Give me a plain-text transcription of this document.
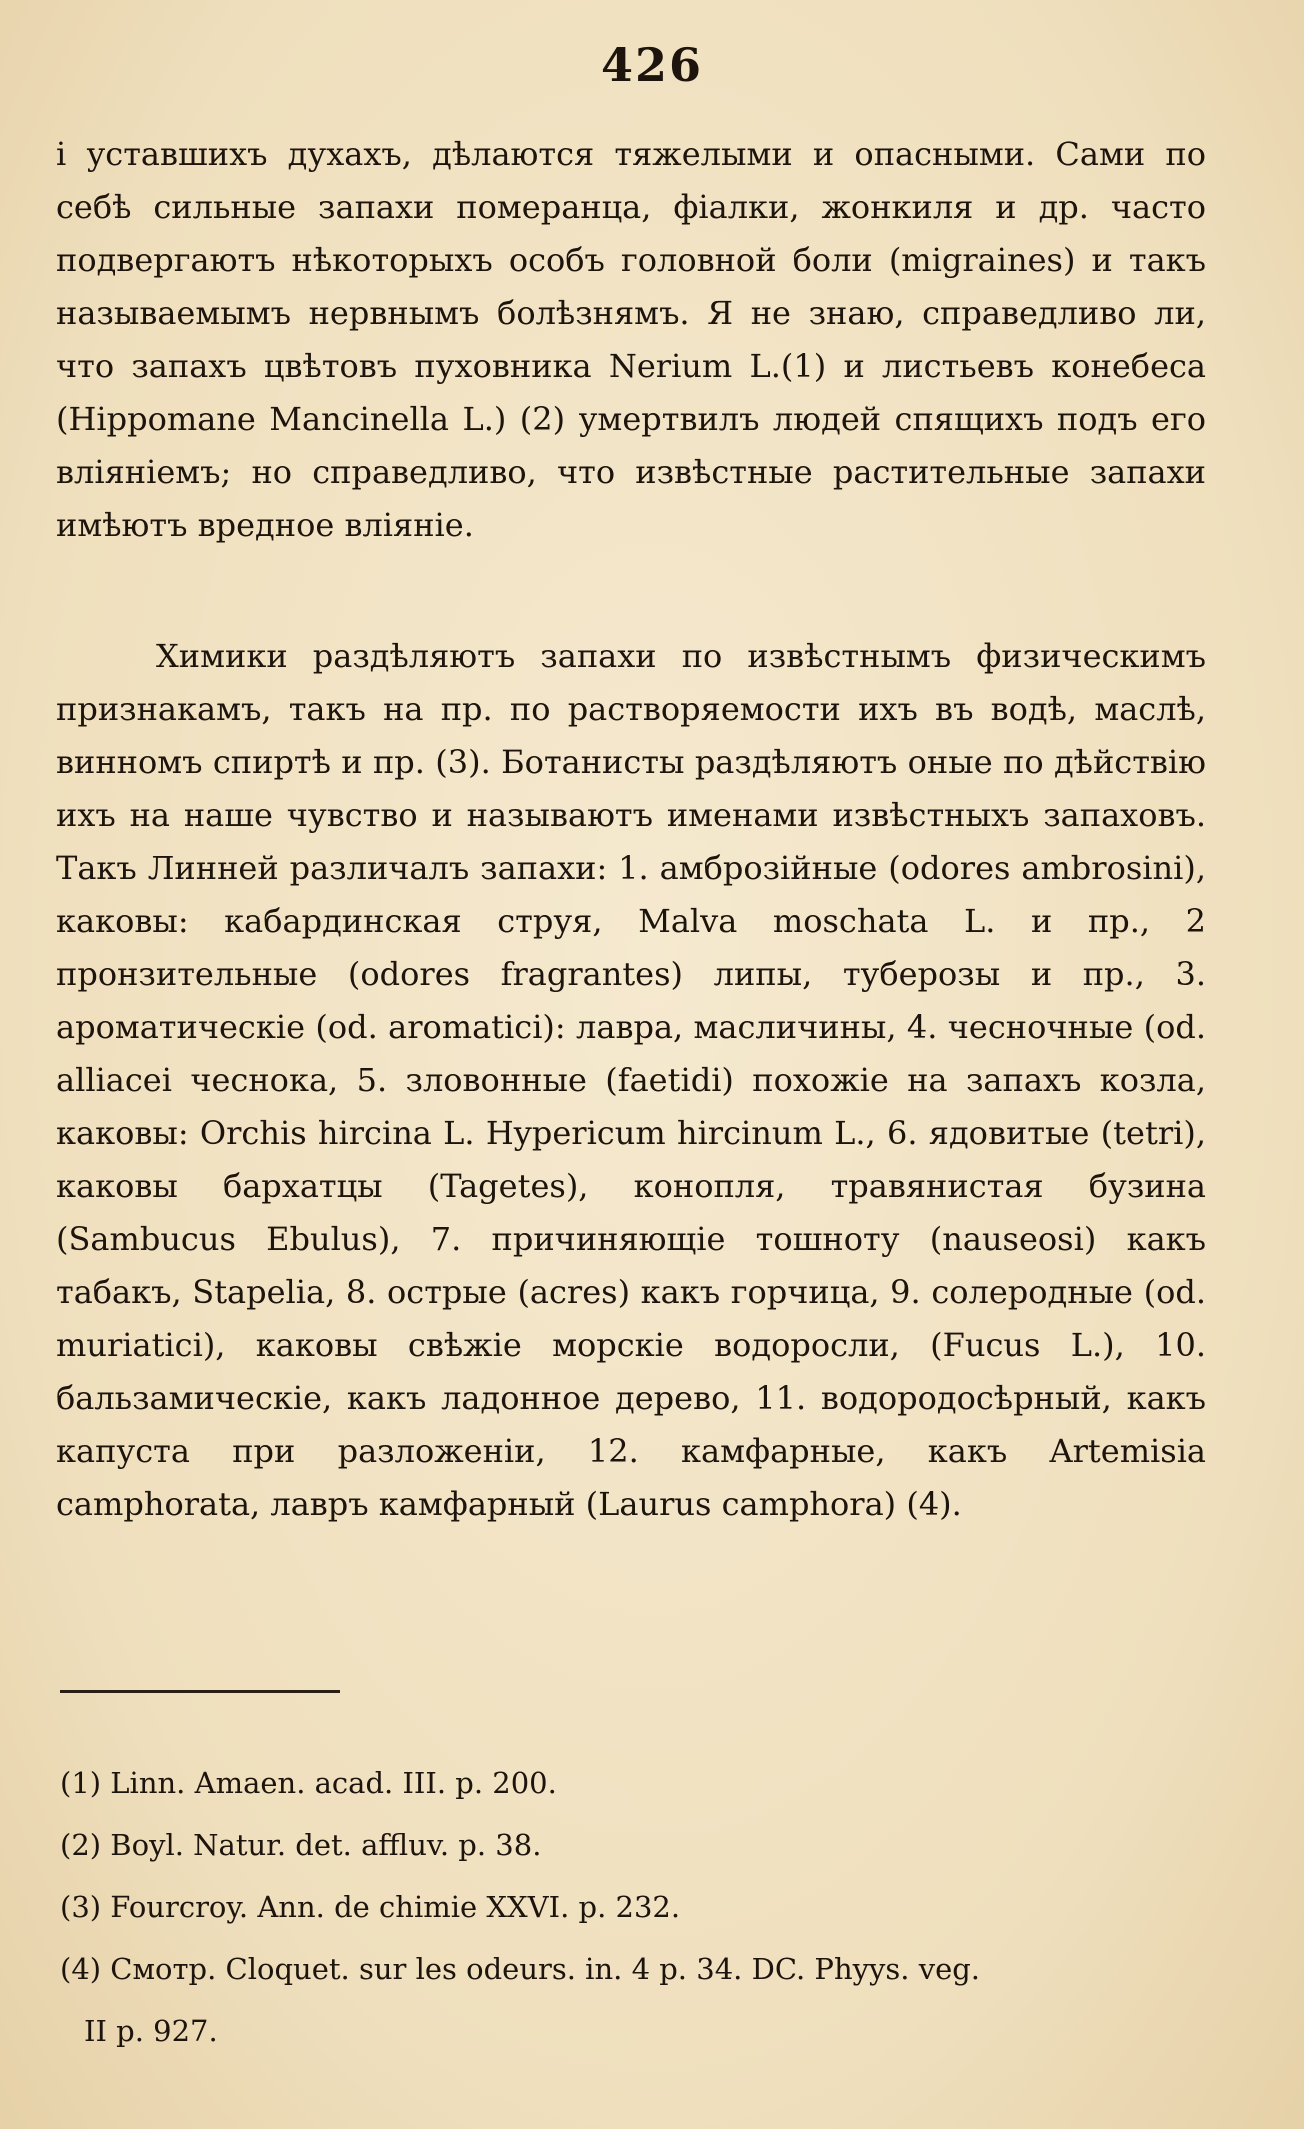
426
і уставшихъ духахъ, дѣлаются тяжелыми и опасными. Сами по себѣ сильные запахи померанца, фіалки, жонкиля и др. часто подвергаютъ нѣкоторыхъ особъ головной боли (migraines) и такъ называемымъ нервнымъ болѣзнямъ. Я не знаю, справедливо ли, что запахъ цвѣтовъ пуховника Nerium L.(1) и листьевъ конебеса (Hippomane Mancinella L.) (2) умертвилъ людей спящихъ подъ его вліяніемъ; но справедливо, что извѣстные растительные запахи имѣютъ вредное вліяніе.
Химики раздѣляютъ запахи по извѣстнымъ физическимъ признакамъ, такъ на пр. по растворяемости ихъ въ водѣ, маслѣ, винномъ спиртѣ и пр. (3). Ботанисты раздѣляютъ оные по дѣйствію ихъ на наше чувство и называютъ именами извѣстныхъ запаховъ. Такъ Линней различалъ запахи: 1. амброзійные (odores ambrosini), каковы: кабардинская струя, Malva moschata L. и пр., 2 пронзительные (odores fragrantes) липы, туберозы и пр., 3. ароматическіе (od. aromatici): лавра, масличины, 4. чесночные (od. alliacei чеснока, 5. зловонные (faetidi) похожіе на запахъ козла, каковы: Orchis hircina L. Hypericum hircinum L., 6. ядовитые (tetri), каковы бархатцы (Tagetes), конопля, травянистая бузина (Sambucus Ebulus), 7. причиняющіе тошноту (nauseosi) какъ табакъ, Stapelia, 8. острые (acres) какъ горчица, 9. солеродные (od. muriatici), каковы свѣжіе морскіе водоросли, (Fucus L.), 10. бальзамическіе, какъ ладонное дерево, 11. водородосѣрный, какъ капуста при разложеніи, 12. камфарные, какъ Artemisia camphorata, лавръ камфарный (Laurus camphora) (4).
(1) Linn. Amaen. acad. III. p. 200.
(2) Boyl. Natur. det. affluv. p. 38.
(3) Fourcroy. Ann. de chimie XXVI. p. 232.
(4) Смотр. Cloquet. sur les odeurs. in. 4 p. 34. DC. Phyys. veg.
II p. 927.
